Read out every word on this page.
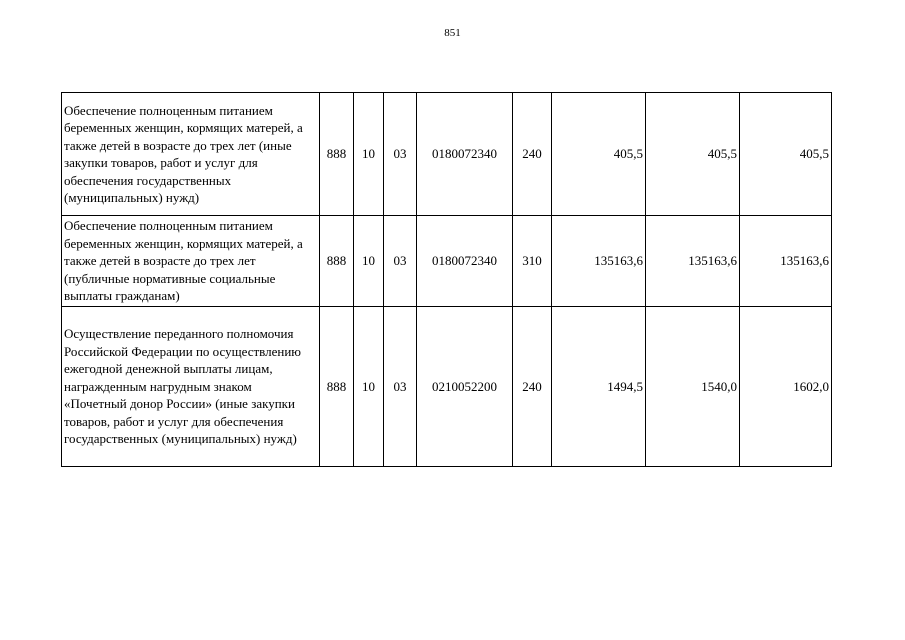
851
Обеспечение полноценным питанием беременных женщин, кормящих матерей, а также детей в возрасте до трех лет (иные закупки товаров, работ и услуг для обеспечения государственных (муниципальных) нужд)	888	10	03	0180072340	240	405,5	405,5	405,5
Обеспечение полноценным питанием беременных женщин, кормящих матерей, а также детей в возрасте до трех лет (публичные нормативные социальные выплаты гражданам)	888	10	03	0180072340	310	135163,6	135163,6	135163,6
Осуществление переданного полномочия Российской Федерации по осуществлению ежегодной денежной выплаты лицам, награжденным нагрудным знаком «Почетный донор России» (иные закупки товаров, работ и услуг для обеспечения государственных (муниципальных) нужд)	888	10	03	0210052200	240	1494,5	1540,0	1602,0
